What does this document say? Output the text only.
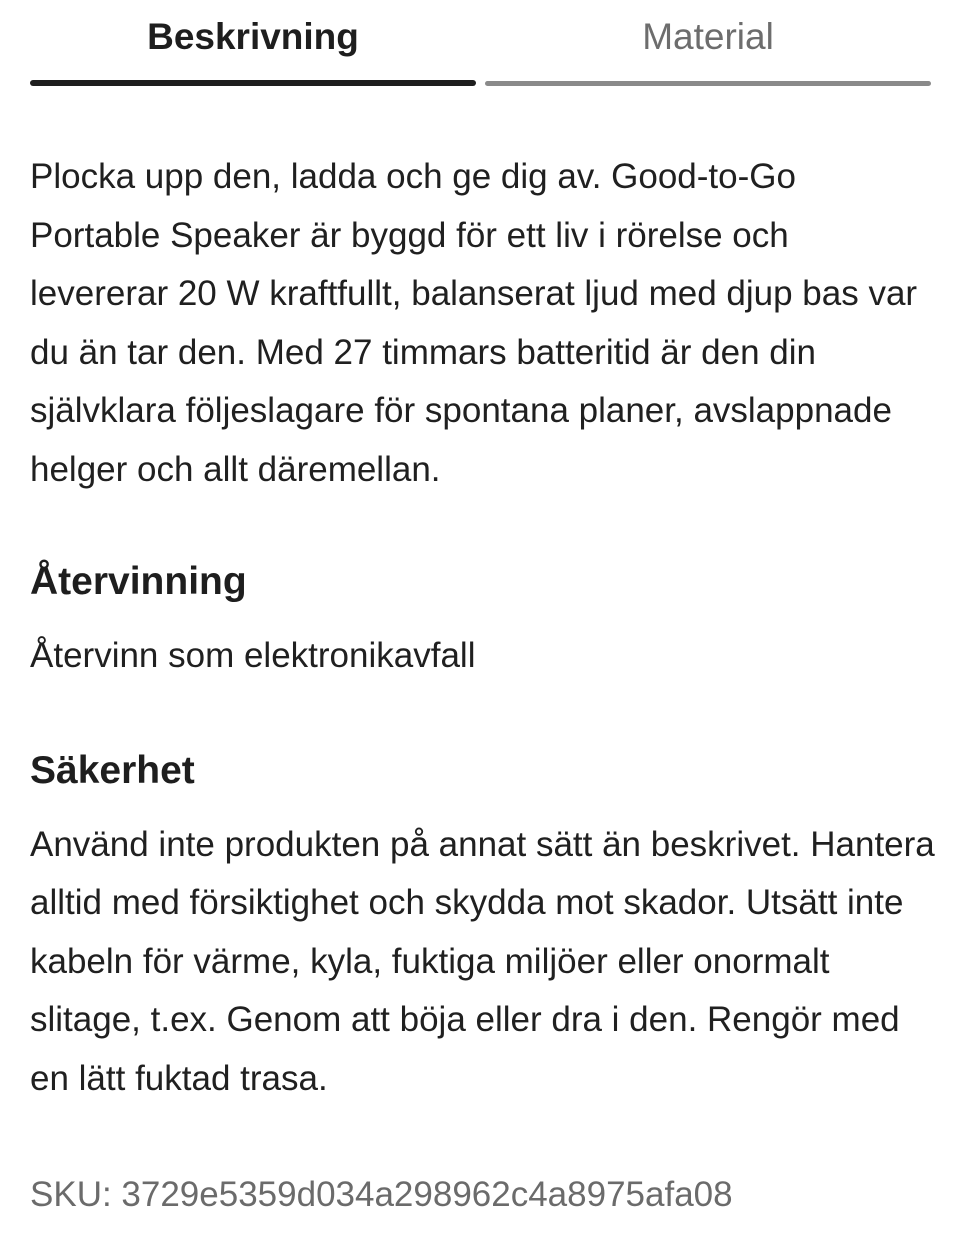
Beskrivning	Material

Plocka upp den, ladda och ge dig av. Good-to-Go Portable Speaker är byggd för ett liv i rörelse och levererar 20 W kraftfullt, balanserat ljud med djup bas var du än tar den. Med 27 timmars batteritid är den din självklara följeslagare för spontana planer, avslappnade helger och allt däremellan.

Återvinning

Återvinn som elektronikavfall

Säkerhet

Använd inte produkten på annat sätt än beskrivet. Hantera alltid med försiktighet och skydda mot skador. Utsätt inte kabeln för värme, kyla, fuktiga miljöer eller onormalt slitage, t.ex. Genom att böja eller dra i den. Rengör med en lätt fuktad trasa.

SKU: 3729e5359d034a298962c4a8975afa08
